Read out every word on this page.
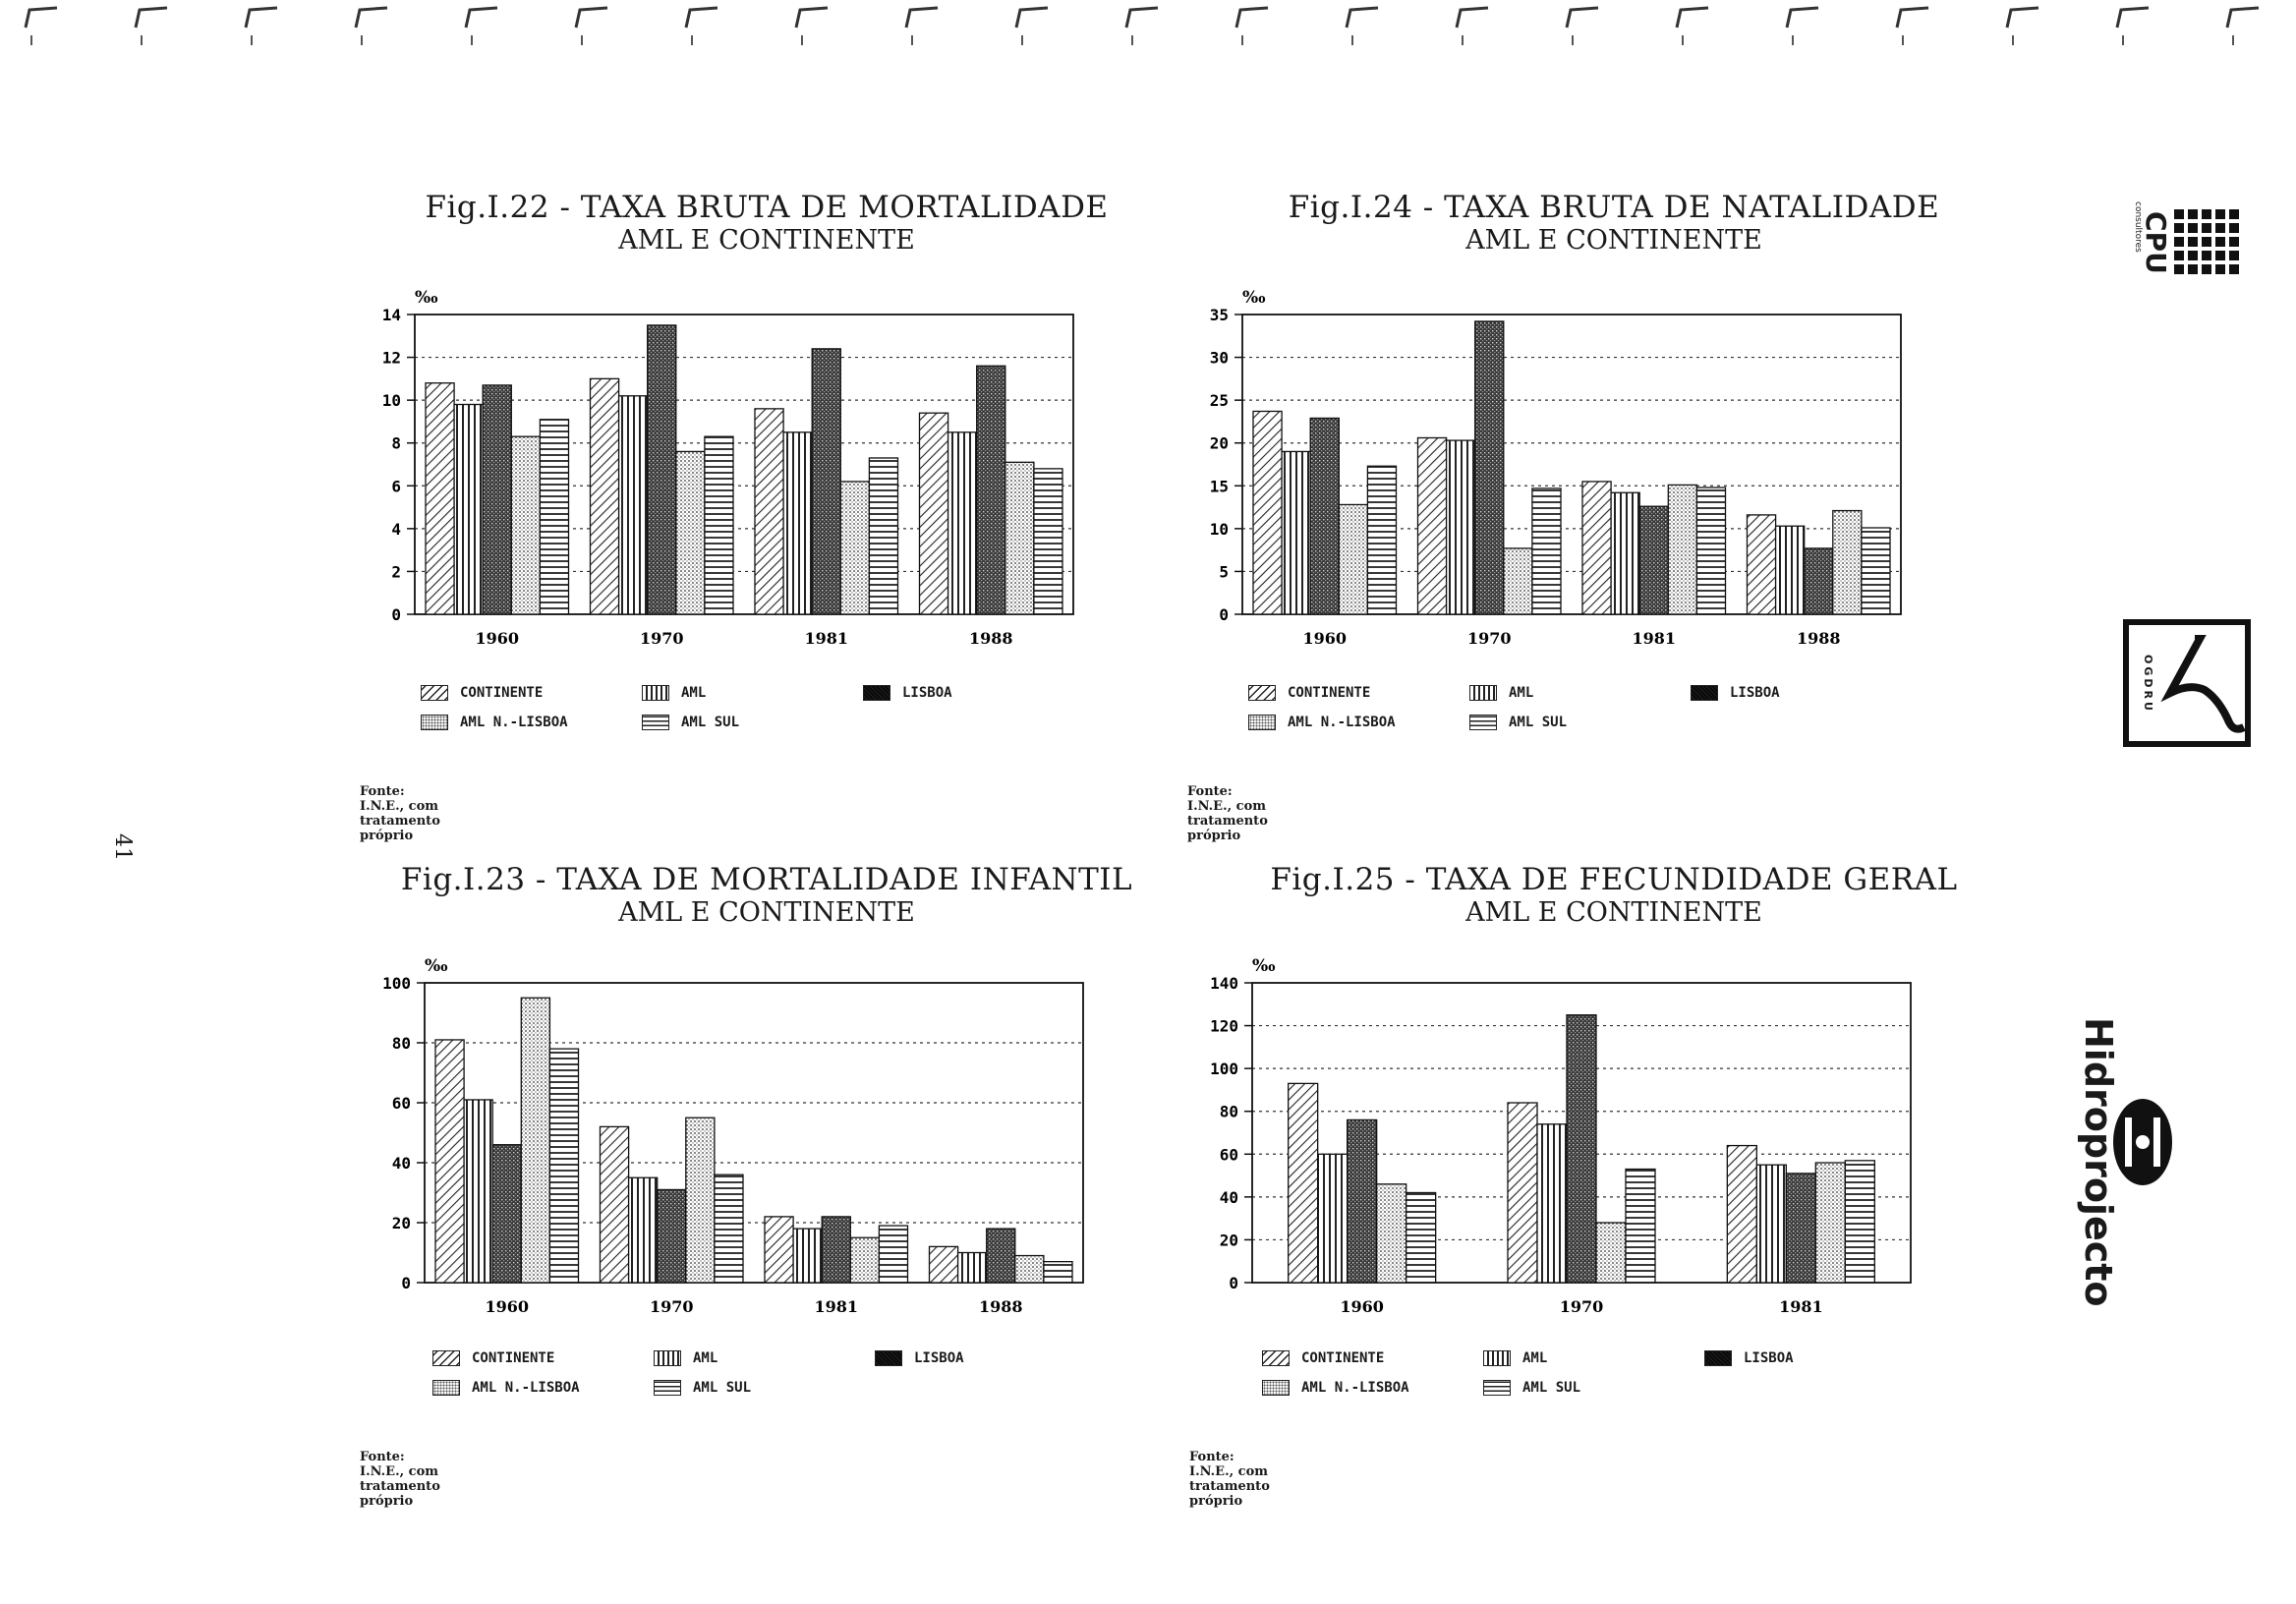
41
Fig.I.22 - TAXA BRUTA DE MORTALIDADE
AML E CONTINENTE
‰
0
2
4
6
8
10
12
14
1960	1970	1981	1988
Fonte: I.N.E., com tratamento próprio
Fig.I.24 - TAXA BRUTA DE NATALIDADE
AML E CONTINENTE
‰
0
5
10
15
20
25
30
35
1960	1970	1981	1988
Fonte: I.N.E., com tratamento próprio
Fig.I.23 - TAXA DE MORTALIDADE INFANTIL
AML E CONTINENTE
‰
0
20
40
60
80
100
1960	1970	1981	1988
Fonte: I.N.E., com tratamento próprio
Fig.I.25 - TAXA DE FECUNDIDADE GERAL
AML E CONTINENTE
‰
0
20
40
60
80
100
120
140
1960	1970	1981
Fonte: I.N.E., com tratamento próprio
CONTINENTE	AML	LISBOA
AML N.-LISBOA	AML SUL
CONTINENTE	AML	LISBOA
AML N.-LISBOA	AML SUL
CONTINENTE	AML	LISBOA
AML N.-LISBOA	AML SUL
CONTINENTE	AML	LISBOA
AML N.-LISBOA	AML SUL
CPU
consultores
OGDRU
Hidroprojecto
